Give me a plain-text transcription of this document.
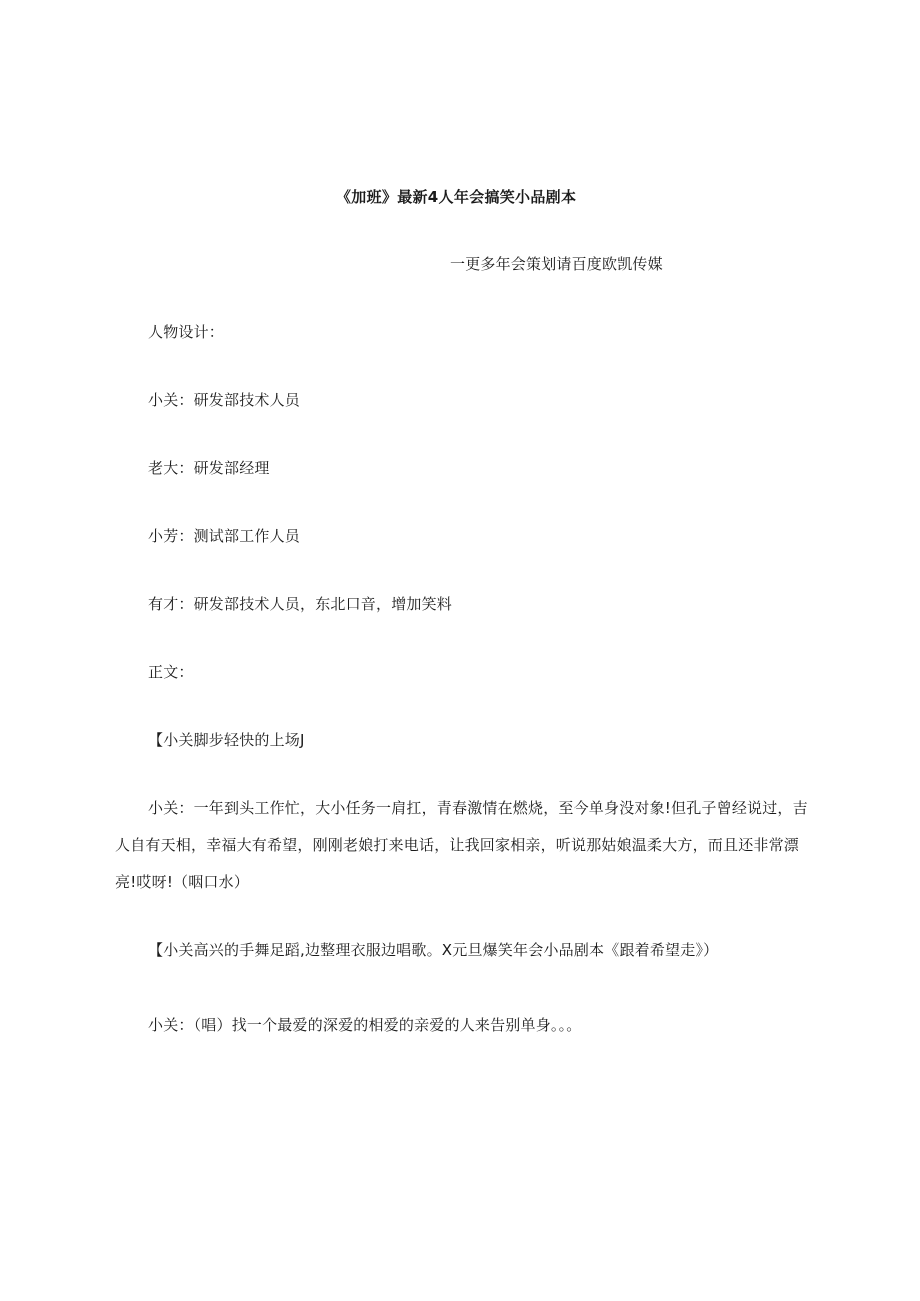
《加班》最新4人年会搞笑小品剧本
一更多年会策划请百度欧凯传媒
人物设计：
小关：研发部技术人员
老大：研发部经理
小芳：测试部工作人员
有才：研发部技术人员，东北口音，增加笑料
正文：
【小关脚步轻快的上场J

小关：一年到头工作忙，大小任务一肩扛，青春激情在燃烧，至今单身没对象!但孔子曾经说过，吉人自有天相，幸福大有希望，刚刚老娘打来电话，让我回家相亲，听说那姑娘温柔大方，而且还非常漂亮!哎呀!（咽口水）

【小关高兴的手舞足蹈,边整理衣服边唱歌。X元旦爆笑年会小品剧本《跟着希望走》）
小关：（唱）找一个最爱的深爱的相爱的亲爱的人来告别单身。。。
